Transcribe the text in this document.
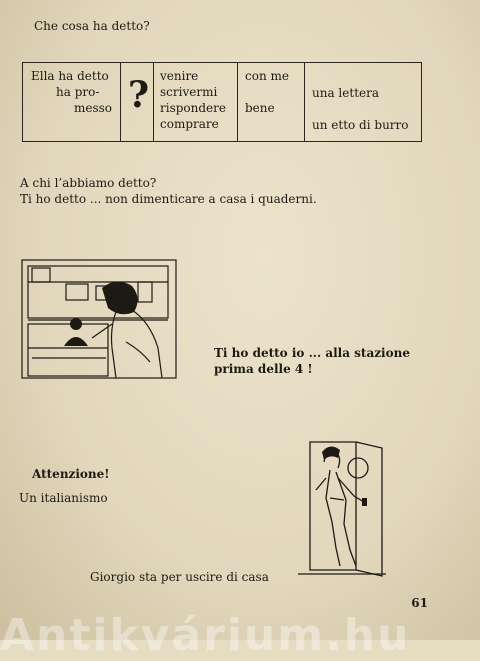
Che cosa ha detto?
Ella ha detto
ha pro-
messo ? venire
scrivermi
rispondere
comprare
con me
bene
una lettera
un etto di burro
A chi l’abbiamo detto?
Ti ho detto ... non dimenticare a casa i quaderni.
Ti ho detto io ... alla stazione
prima delle 4 !
Attenzione!
Un italianismo
Giorgio sta per uscire di casa
61
Antikvárium.hu
